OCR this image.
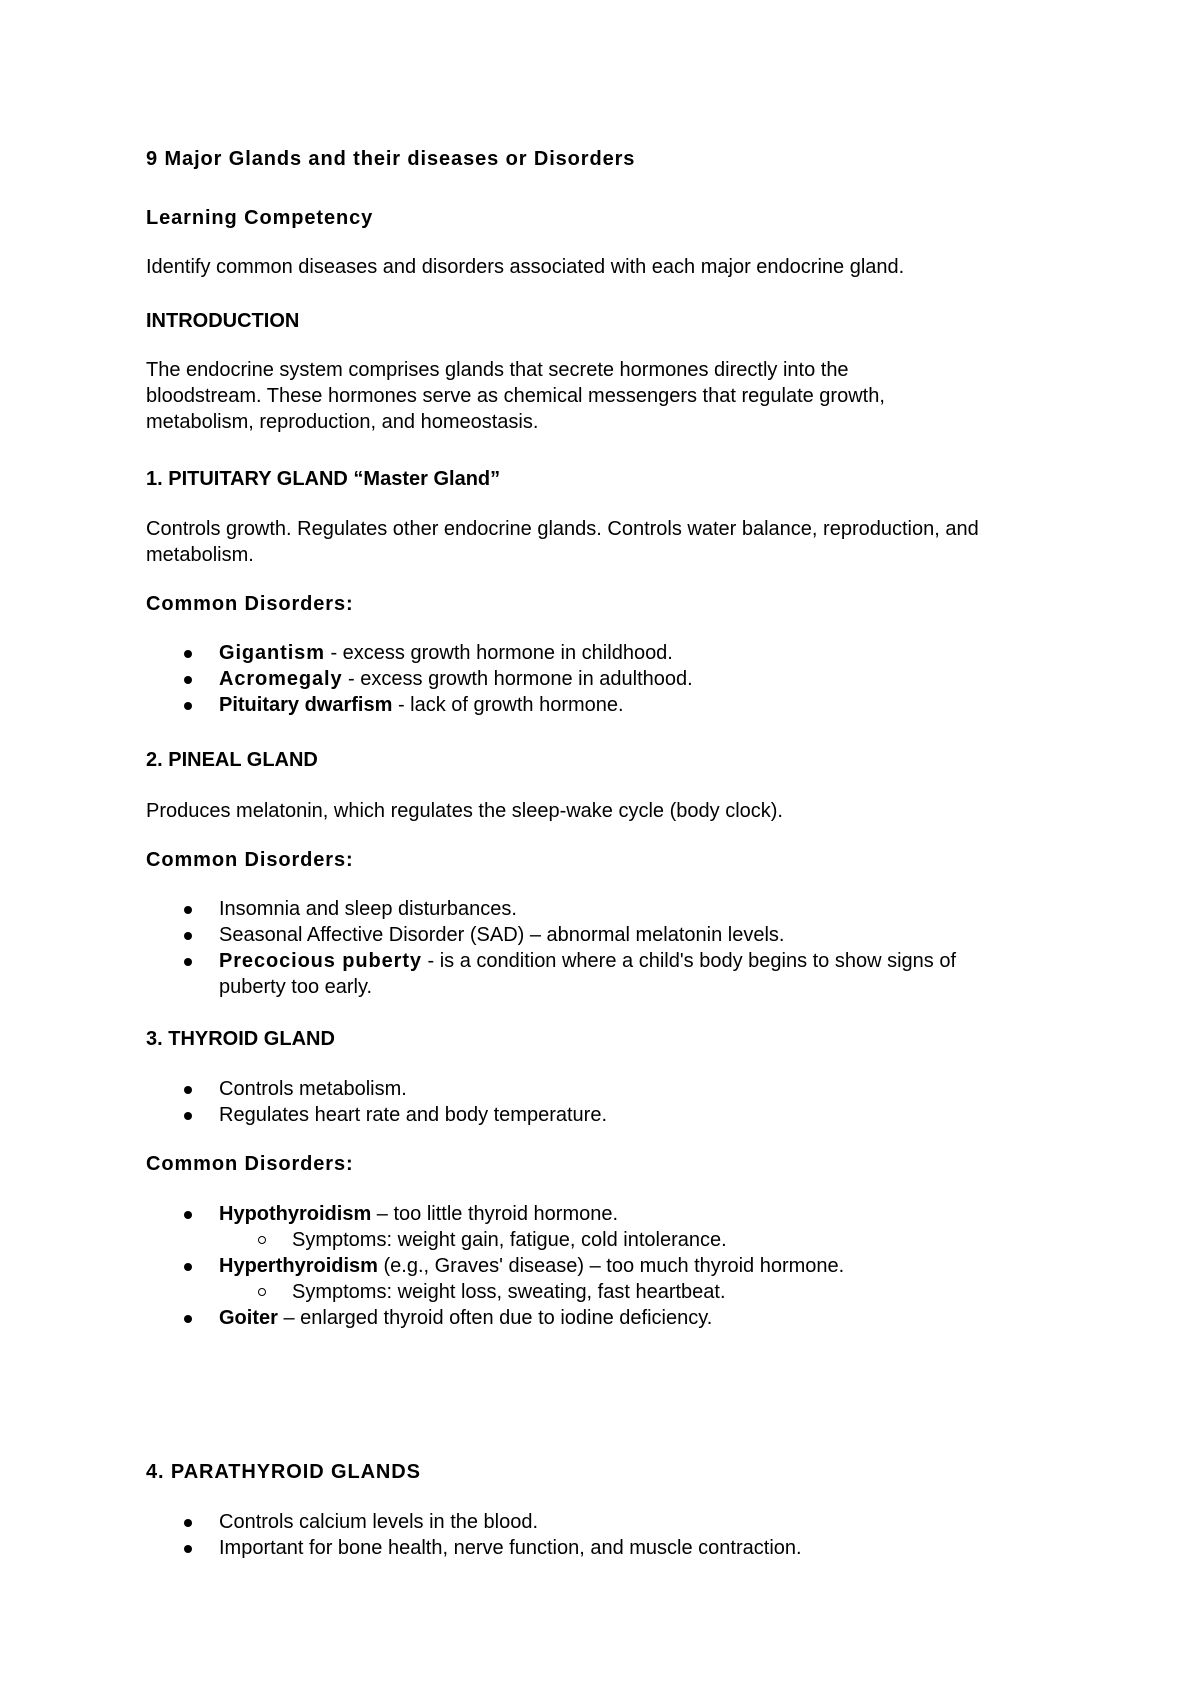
9 Major Glands and their diseases or Disorders

Learning Competency

Identify common diseases and disorders associated with each major endocrine gland.

INTRODUCTION

The endocrine system comprises glands that secrete hormones directly into the bloodstream. These hormones serve as chemical messengers that regulate growth, metabolism, reproduction, and homeostasis.

1. PITUITARY GLAND “Master Gland”

Controls growth. Regulates other endocrine glands. Controls water balance, reproduction, and metabolism.

Common Disorders:

Gigantism - excess growth hormone in childhood.
Acromegaly - excess growth hormone in adulthood.
Pituitary dwarfism - lack of growth hormone.

2. PINEAL GLAND

Produces melatonin, which regulates the sleep-wake cycle (body clock).

Common Disorders:

Insomnia and sleep disturbances.
Seasonal Affective Disorder (SAD) – abnormal melatonin levels.
Precocious puberty - is a condition where a child's body begins to show signs of puberty too early.

3. THYROID GLAND

Controls metabolism.
Regulates heart rate and body temperature.

Common Disorders:

Hypothyroidism – too little thyroid hormone.
Symptoms: weight gain, fatigue, cold intolerance.
Hyperthyroidism (e.g., Graves' disease) – too much thyroid hormone.
Symptoms: weight loss, sweating, fast heartbeat.
Goiter – enlarged thyroid often due to iodine deficiency.

4. PARATHYROID GLANDS

Controls calcium levels in the blood.
Important for bone health, nerve function, and muscle contraction.
